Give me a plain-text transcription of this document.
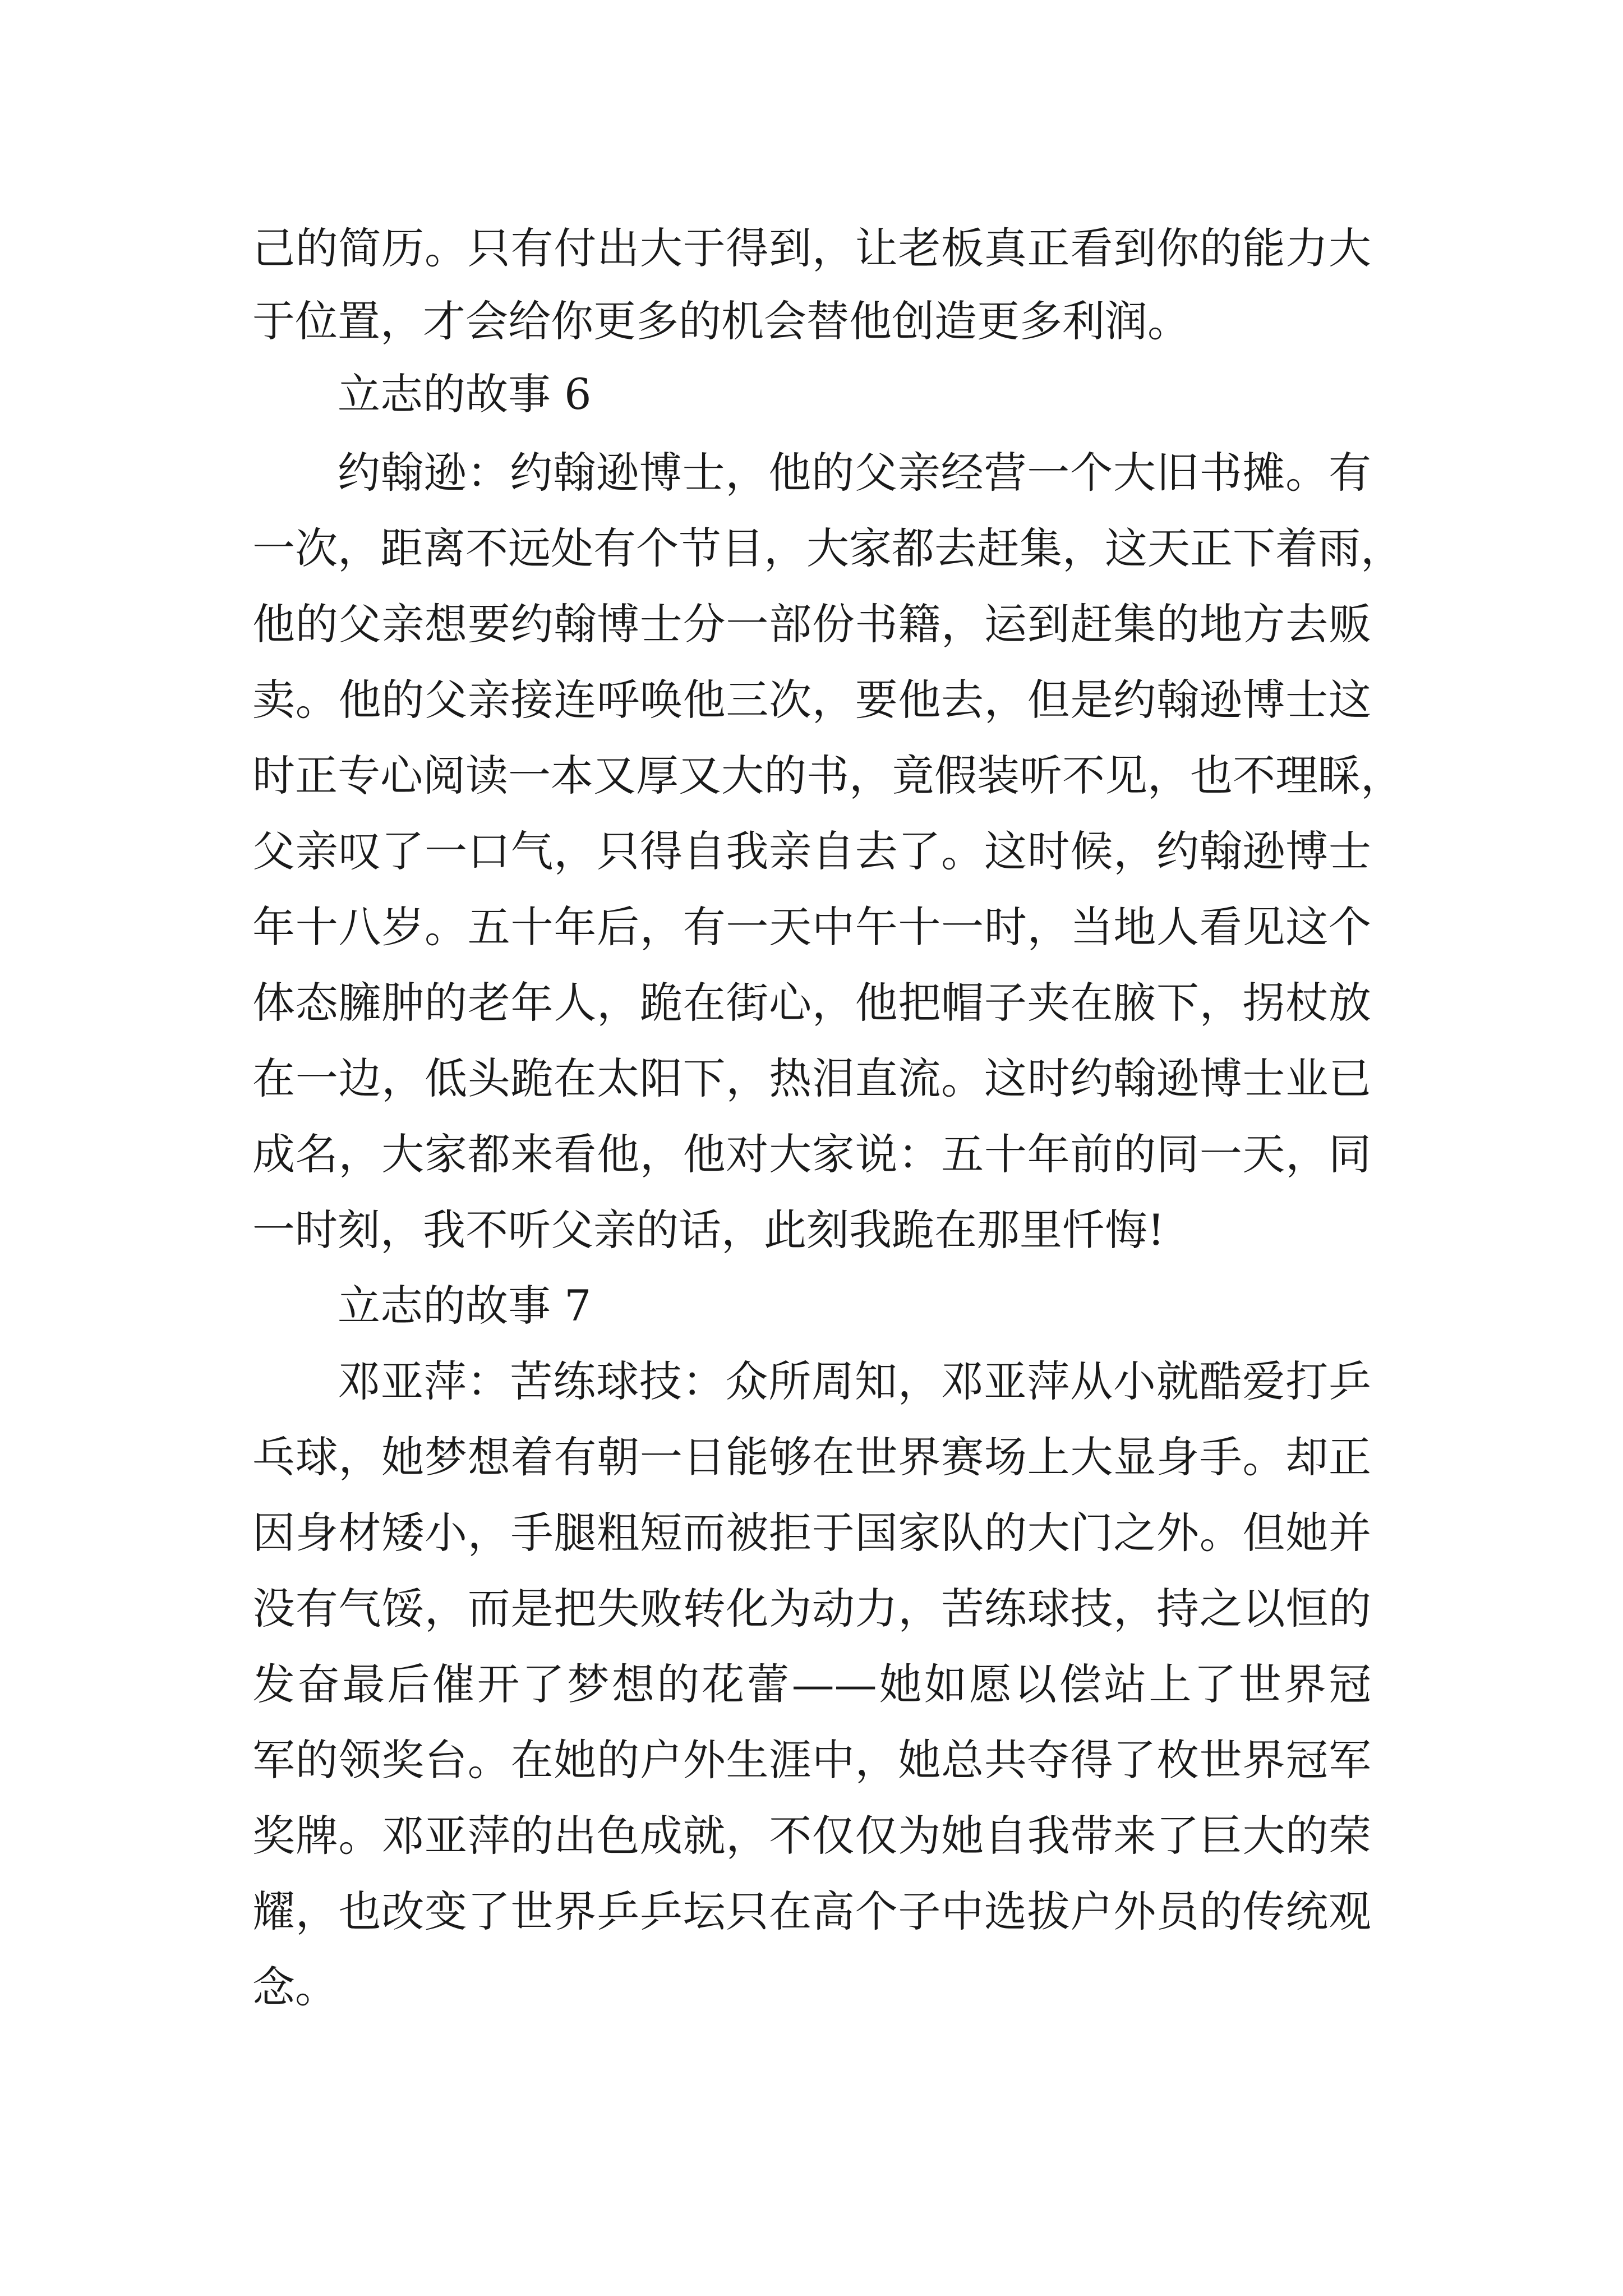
己的简历。只有付出大于得到，让老板真正看到你的能力大
于位置，才会给你更多的机会替他创造更多利润。
立志的故事 6
约翰逊：约翰逊博士，他的父亲经营一个大旧书摊。有
一次，距离不远处有个节目，大家都去赶集，这天正下着雨，
他的父亲想要约翰博士分一部份书籍，运到赶集的地方去贩
卖。他的父亲接连呼唤他三次，要他去，但是约翰逊博士这
时正专心阅读一本又厚又大的书，竟假装听不见，也不理睬，
父亲叹了一口气，只得自我亲自去了。这时候，约翰逊博士
年十八岁。五十年后，有一天中午十一时，当地人看见这个
体态臃肿的老年人，跪在街心，他把帽子夹在腋下，拐杖放
在一边，低头跪在太阳下，热泪直流。这时约翰逊博士业已
成名，大家都来看他，他对大家说：五十年前的同一天，同
一时刻，我不听父亲的话，此刻我跪在那里忏悔!
立志的故事 7
邓亚萍：苦练球技：众所周知，邓亚萍从小就酷爱打乒
乓球，她梦想着有朝一日能够在世界赛场上大显身手。却正
因身材矮小，手腿粗短而被拒于国家队的大门之外。但她并
没有气馁，而是把失败转化为动力，苦练球技，持之以恒的
发奋最后催开了梦想的花蕾——她如愿以偿站上了世界冠
军的领奖台。在她的户外生涯中，她总共夺得了枚世界冠军
奖牌。邓亚萍的出色成就，不仅仅为她自我带来了巨大的荣
耀，也改变了世界乒乒坛只在高个子中选拔户外员的传统观
念。
